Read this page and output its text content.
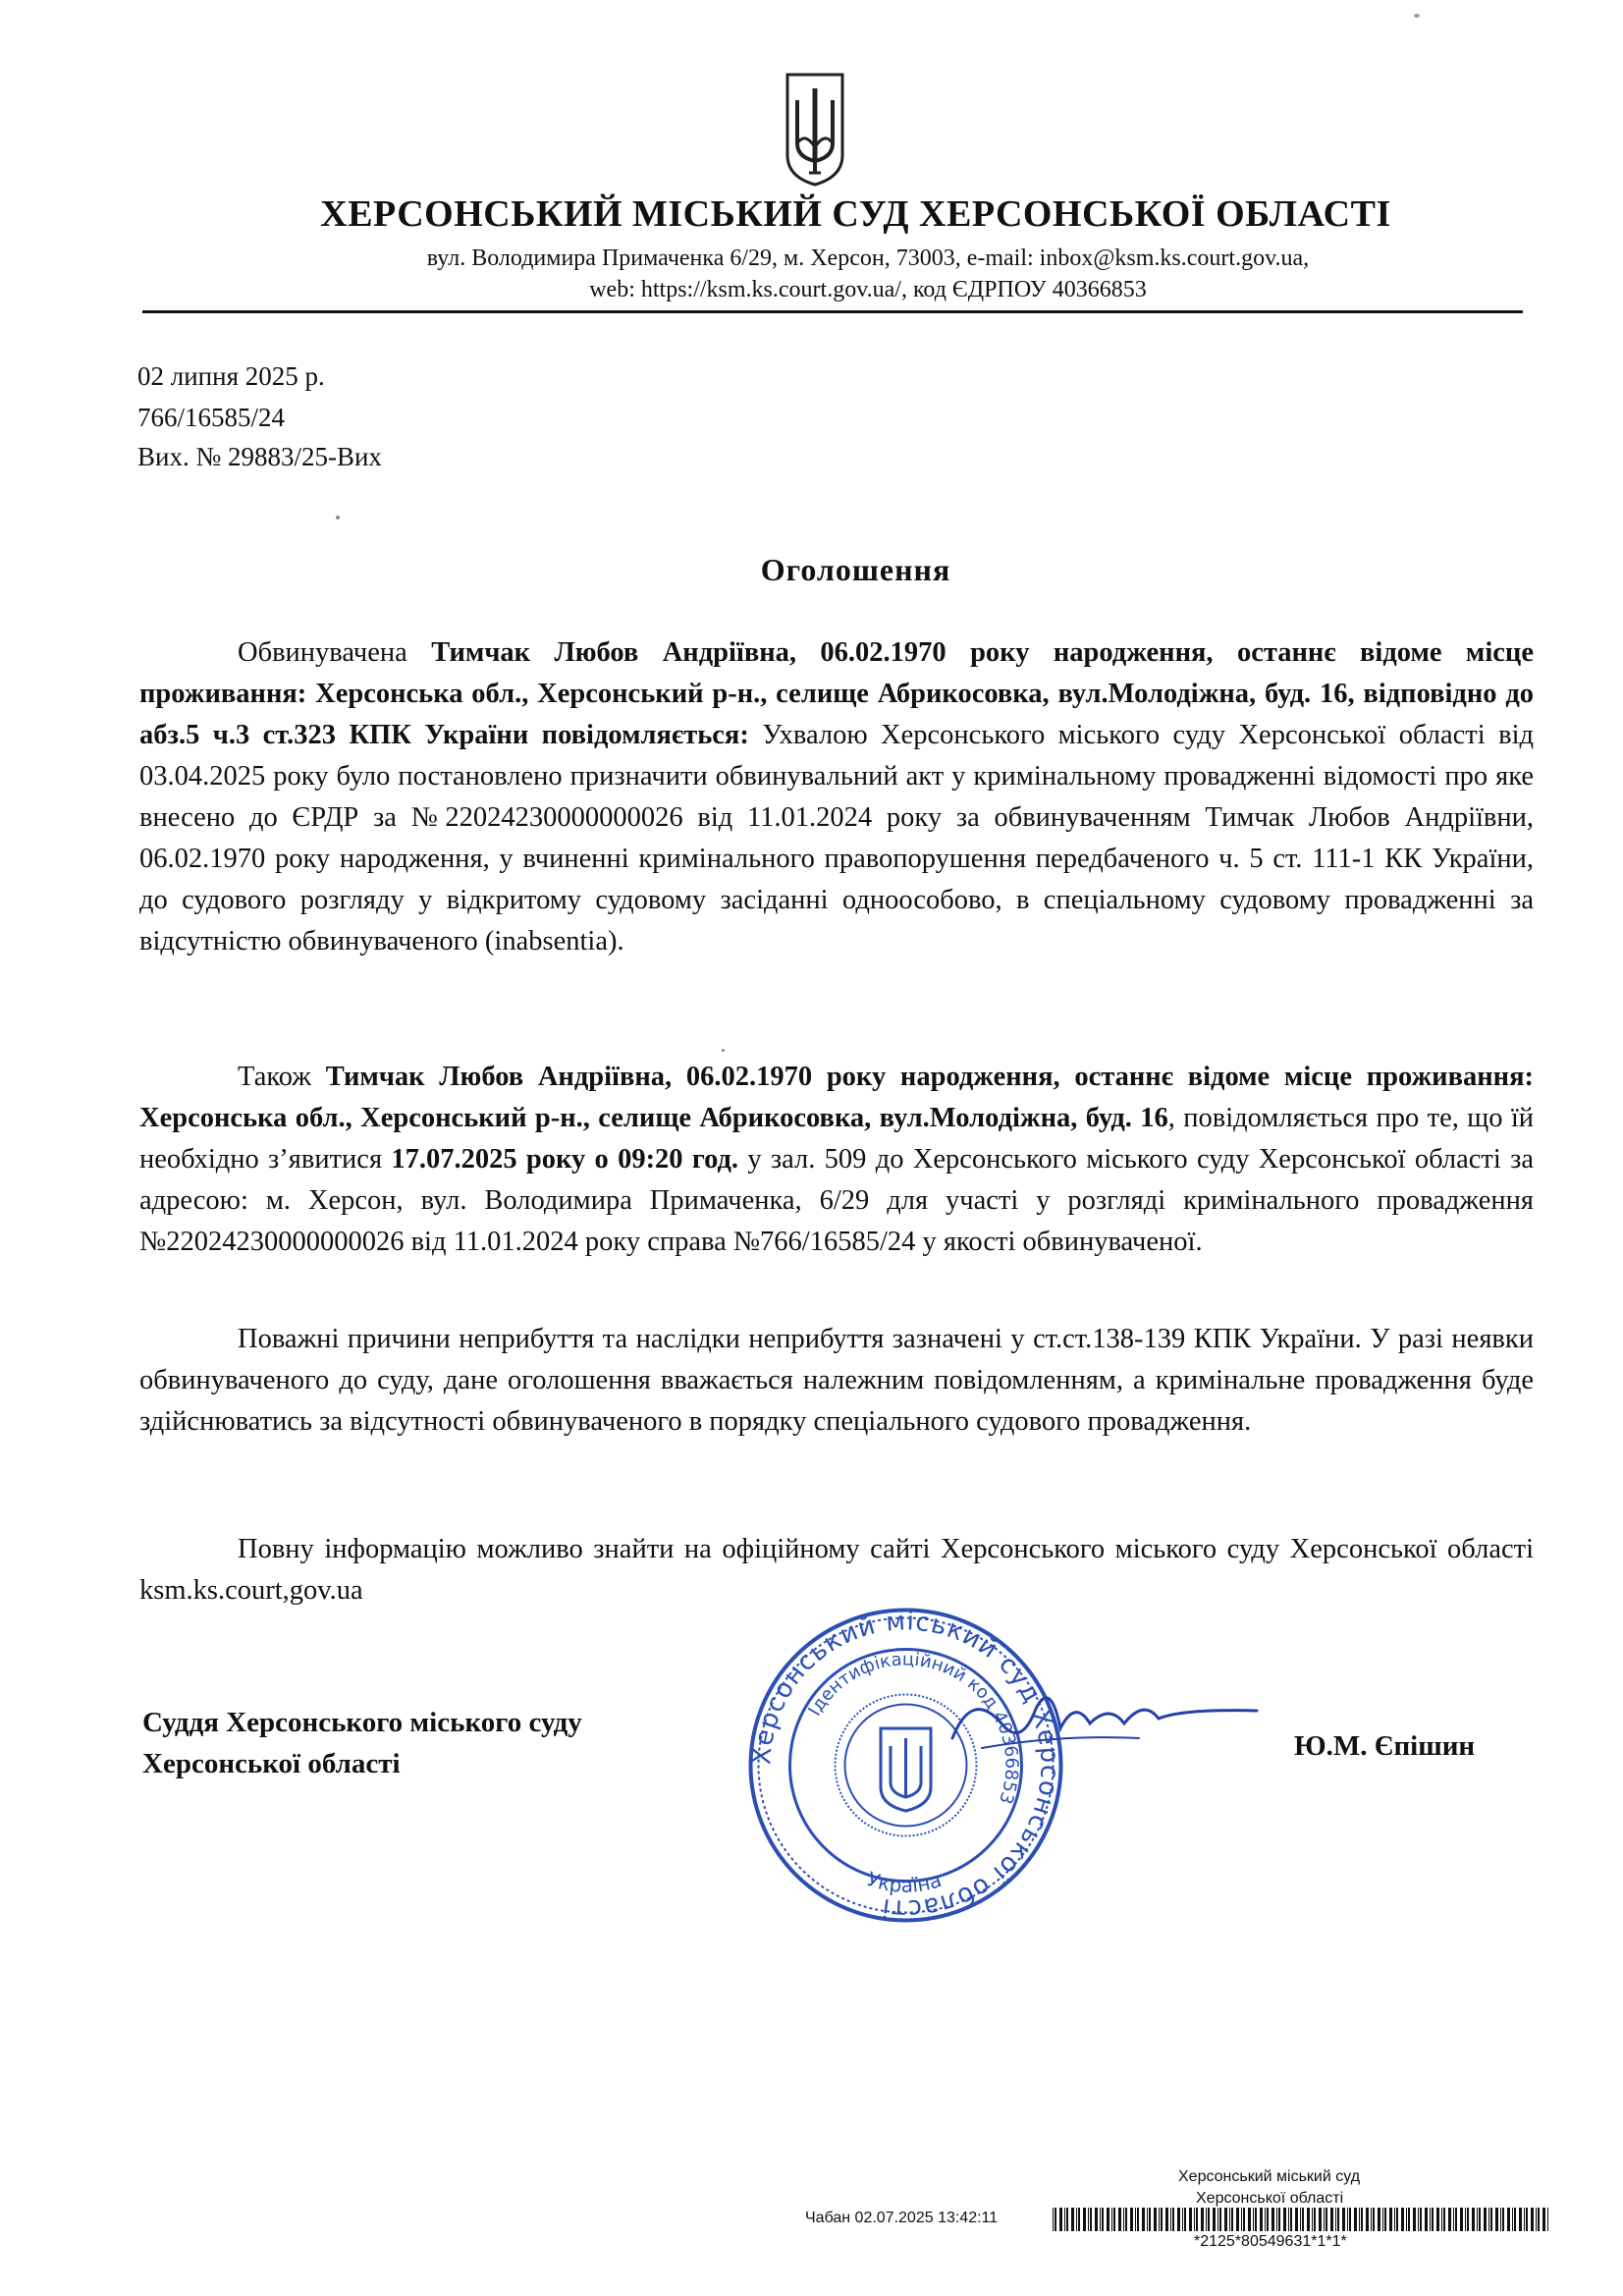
ХЕРСОНСЬКИЙ МІСЬКИЙ СУД ХЕРСОНСЬКОЇ ОБЛАСТІ
вул. Володимира Примаченка 6/29, м. Херсон, 73003, e-mail: inbox@ksm.ks.court.gov.ua,
web: https://ksm.ks.court.gov.ua/, код ЄДРПОУ 40366853
02 липня 2025 р.
766/16585/24
Вих. № 29883/25-Вих
Оголошення

Обвинувачена Тимчак Любов Андріївна, 06.02.1970 року народження, останнє відоме місце проживання: Херсонська обл., Херсонський р-н., селище Абрикосовка, вул.Молодіжна, буд. 16, відповідно до абз.5 ч.3 ст.323 КПК України повідомляється: Ухвалою Херсонського міського суду Херсонської області від 03.04.2025 року було постановлено призначити обвинувальний акт у кримінальному провадженні відомості про яке внесено до ЄРДР за №22024230000000026 від 11.01.2024 року за обвинуваченням Тимчак Любов Андріївни, 06.02.1970 року народження, у вчиненні кримінального правопорушення передбаченого ч. 5 ст. 111-1 КК України, до судового розгляду у відкритому судовому засіданні одноособово, в спеціальному судовому провадженні за відсутністю обвинуваченого (inabsentia).

Також Тимчак Любов Андріївна, 06.02.1970 року народження, останнє відоме місце проживання: Херсонська обл., Херсонський р-н., селище Абрикосовка, вул.Молодіжна, буд. 16, повідомляється про те, що їй необхідно з’явитися 17.07.2025 року о 09:20 год. у зал. 509 до Херсонського міського суду Херсонської області за адресою: м. Херсон, вул. Володимира Примаченка, 6/29 для участі у розгляді кримінального провадження №22024230000000026 від 11.01.2024 року справа №766/16585/24 у якості обвинуваченої.

Поважні причини неприбуття та наслідки неприбуття зазначені у ст.ст.138-139 КПК України. У разі неявки обвинуваченого до суду, дане оголошення вважається належним повідомленням, а кримінальне провадження буде здійснюватись за відсутності обвинуваченого в порядку спеціального судового провадження.

Повну інформацію можливо знайти на офіційному сайті Херсонського міського суду Херсонської області ksm.ks.court,gov.ua

Суддя Херсонського міського суду
Херсонської області
Ю.М. Єпішин
Херсонський міський суд Херсонської області
Ідентифікаційний код 40366853
Україна
Херсонський міський суд
Херсонської області
Чабан 02.07.2025 13:42:11
*2125*80549631*1*1*
